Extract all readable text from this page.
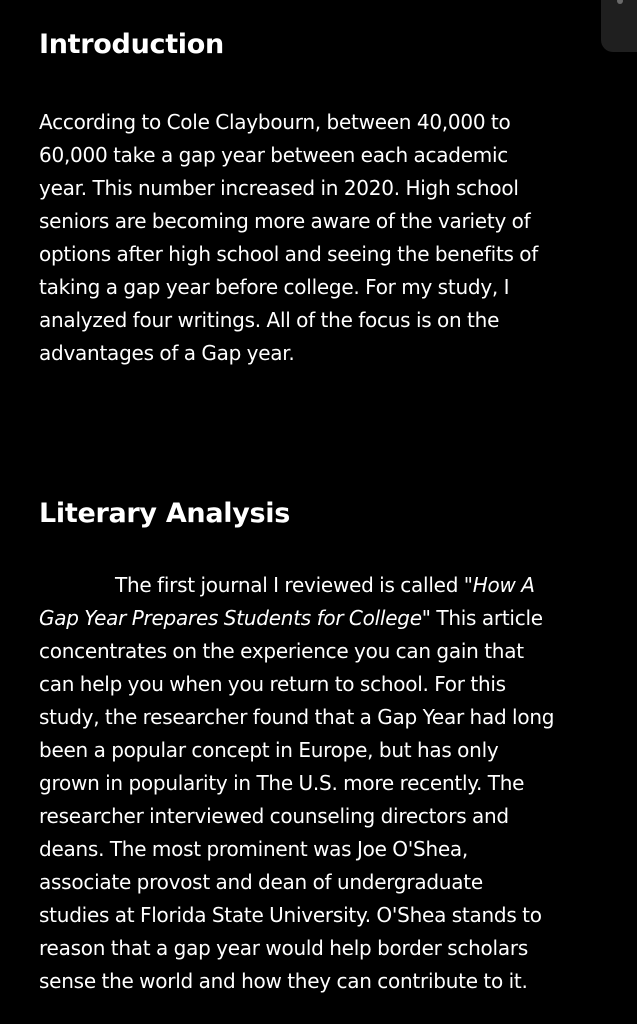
Introduction
According to Cole Claybourn, between 40,000 to
60,000 take a gap year between each academic
year. This number increased in 2020. High school
seniors are becoming more aware of the variety of
options after high school and seeing the benefits of
taking a gap year before college. For my study, I
analyzed four writings. All of the focus is on the
advantages of a Gap year.
Literary Analysis
The first journal I reviewed is called "How A
Gap Year Prepares Students for College" This article
concentrates on the experience you can gain that
can help you when you return to school. For this
study, the researcher found that a Gap Year had long
been a popular concept in Europe, but has only
grown in popularity in The U.S. more recently. The
researcher interviewed counseling directors and
deans. The most prominent was Joe O'Shea,
associate provost and dean of undergraduate
studies at Florida State University. O'Shea stands to
reason that a gap year would help border scholars
sense the world and how they can contribute to it.
